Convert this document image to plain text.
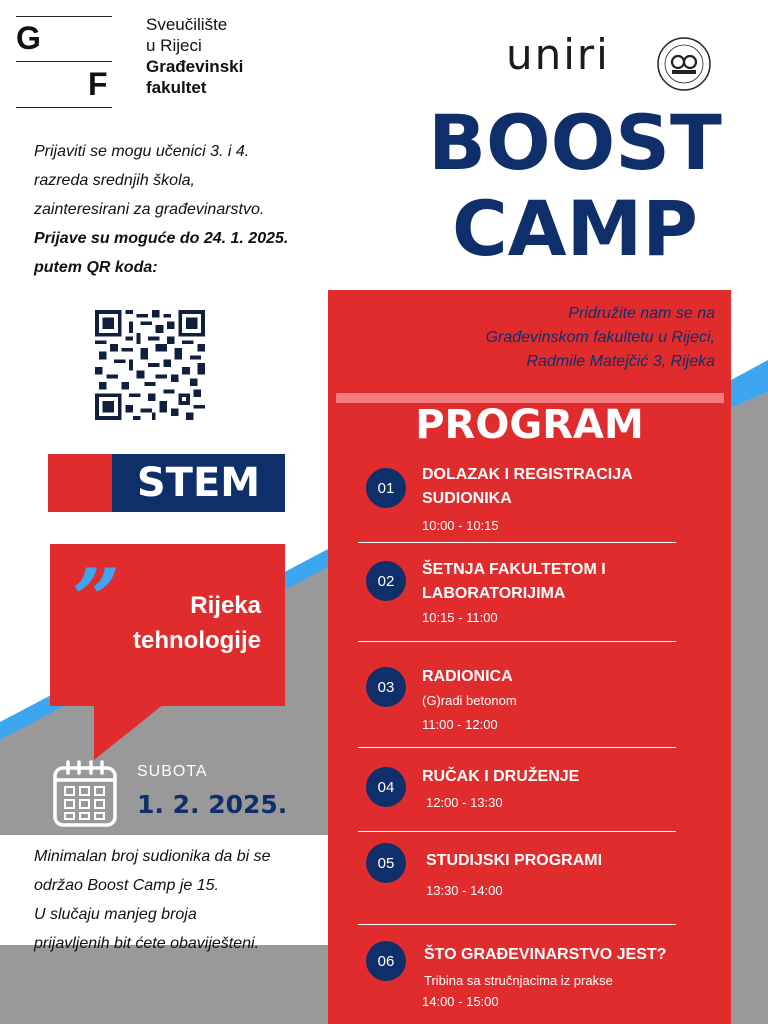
G
F
Sveučilište
u Rijeci
Građevinski
fakultet
uniri
BOOST
CAMP
Prijaviti se mogu učenici 3. i 4.
razreda srednjih škola,
zainteresirani za građevinarstvo.
Prijave su moguće do 24. 1. 2025.
putem QR koda:
STEM
”	Rijeka
tehnologije
SUBOTA
1. 2. 2025.
Minimalan broj sudionika da bi se
održao Boost Camp je 15.
U slučaju manjeg broja
prijavljenih bit ćete obaviješteni.
Pridružite nam se na
Građevinskom fakultetu u Rijeci,
Radmile Matejčić 3, Rijeka
PROGRAM
01
DOLAZAK I REGISTRACIJA SUDIONIKA
10:00 - 10:15
02
ŠETNJA FAKULTETOM I LABORATORIJIMA
10:15 - 11:00
03
RADIONICA
(G)radi betonom
11:00 - 12:00
04
RUČAK I DRUŽENJE
12:00 - 13:30
05	STUDIJSKI PROGRAMI
13:30 - 14:00
06	ŠTO GRAĐEVINARSTVO JEST?
Tribina sa stručnjacima iz prakse
14:00 - 15:00
